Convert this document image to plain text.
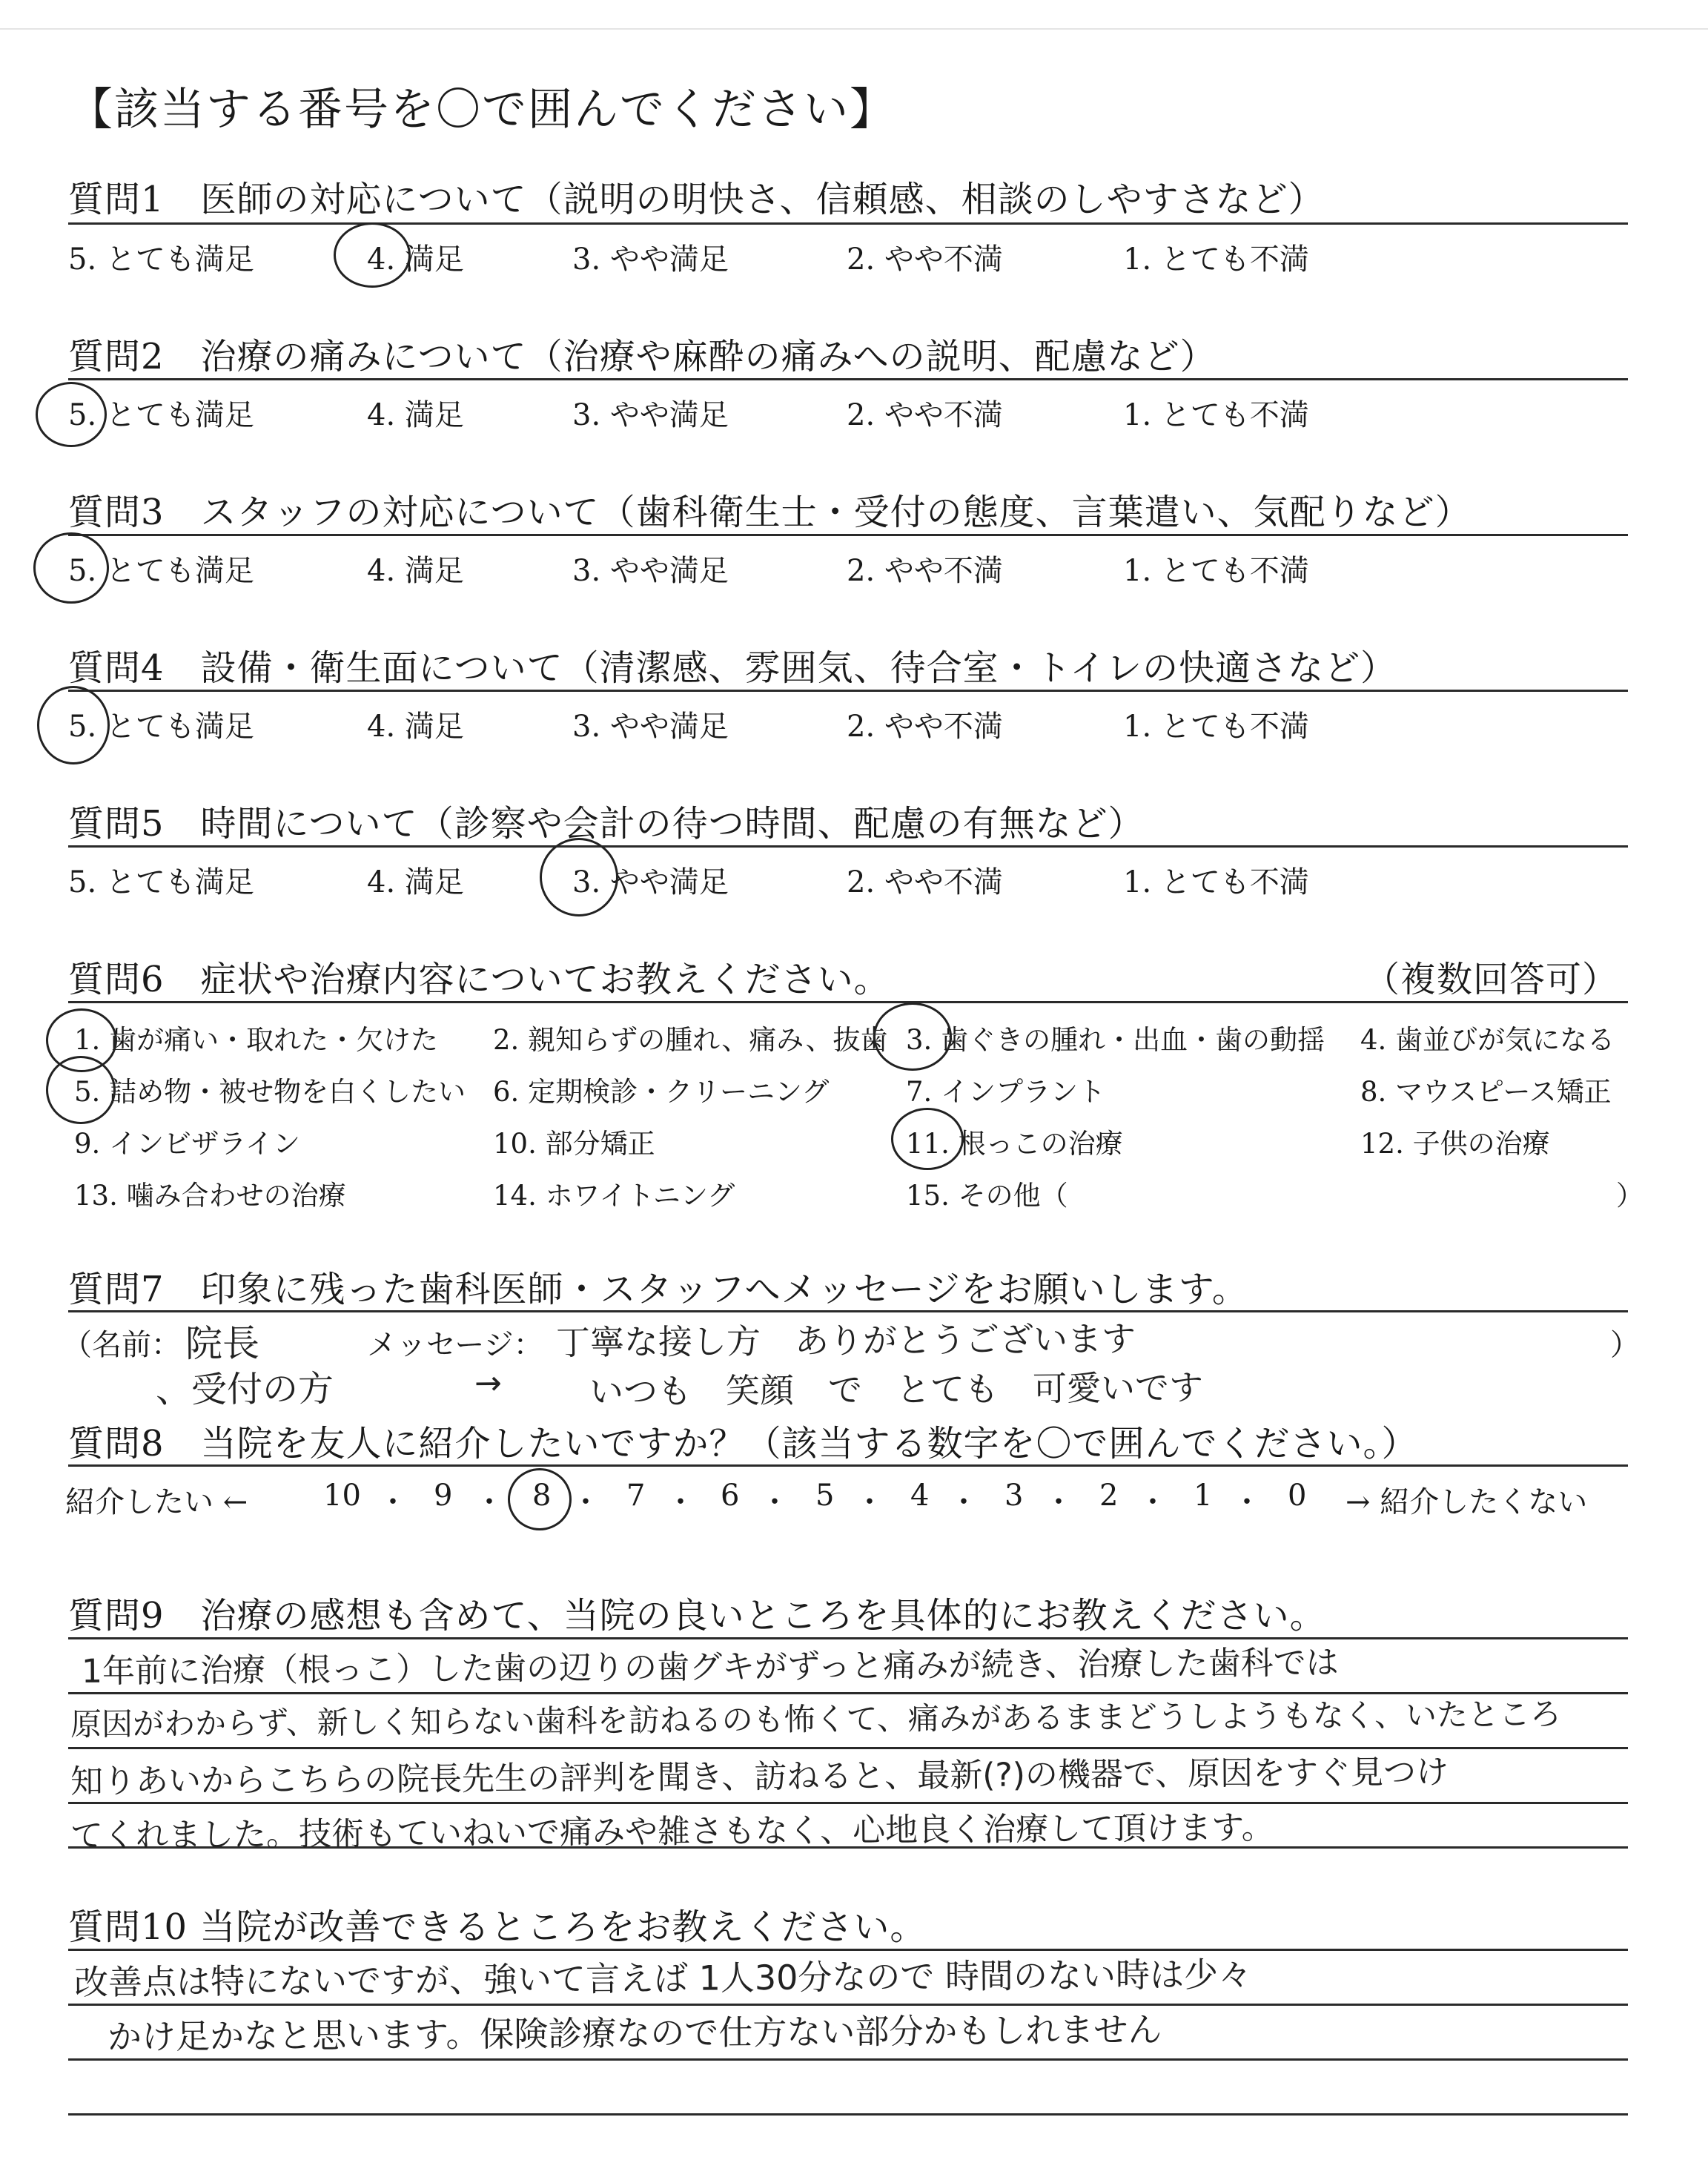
【該当する番号を〇で囲んでください】
質問1　医師の対応について（説明の明快さ、信頼感、相談のしやすさなど）
5. とても満足	4. 満足	3. やや満足	2. やや不満	1. とても不満
質問2　治療の痛みについて（治療や麻酔の痛みへの説明、配慮など）
5. とても満足	4. 満足	3. やや満足	2. やや不満	1. とても不満
質問3　スタッフの対応について（歯科衛生士・受付の態度、言葉遣い、気配りなど）
5. とても満足	4. 満足	3. やや満足	2. やや不満	1. とても不満
質問4　設備・衛生面について（清潔感、雰囲気、待合室・トイレの快適さなど）
5. とても満足	4. 満足	3. やや満足	2. やや不満	1. とても不満
質問5　時間について（診察や会計の待つ時間、配慮の有無など）
5. とても満足	4. 満足	3. やや満足	2. やや不満	1. とても不満
質問6　症状や治療内容についてお教えください。	（複数回答可）
1. 歯が痛い・取れた・欠けた 2. 親知らずの腫れ、痛み、抜歯 3. 歯ぐきの腫れ・出血・歯の動揺 4. 歯並びが気になる
5. 詰め物・被せ物を白くしたい 6. 定期検診・クリーニング	7. インプラント	8. マウスピース矯正
9. インビザライン	10. 部分矯正	11. 根っこの治療	12. 子供の治療
13. 噛み合わせの治療	14. ホワイトニング	15. その他（	）
質問7　印象に残った歯科医師・スタッフへメッセージをお願いします。
（名前： 院長	メッセージ： 丁寧な接し方　ありがとうございます	）
、受付の方	→	いつも　笑顔　で　とても　可愛いです
質問8　当院を友人に紹介したいですか？（該当する数字を〇で囲んでください。）
紹介したい ←	10 ・ 9 ・ 8 ・ 7 ・ 6 ・ 5 ・ 4 ・ 3 ・ 2 ・ 1 ・ 0 → 紹介したくない
質問9　治療の感想も含めて、当院の良いところを具体的にお教えください。
1年前に治療（根っこ）した歯の辺りの歯グキがずっと痛みが続き、治療した歯科では
原因がわからず、新しく知らない歯科を訪ねるのも怖くて、痛みがあるままどうしようもなく、いたところ
知りあいからこちらの院長先生の評判を聞き、訪ねると、最新(?)の機器で、原因をすぐ見つけ
てくれました。技術もていねいで痛みや雑さもなく、心地良く治療して頂けます。
質問10 当院が改善できるところをお教えください。
改善点は特にないですが、強いて言えば 1人30分なので 時間のない時は少々
かけ足かなと思います。保険診療なので仕方ない部分かもしれません
